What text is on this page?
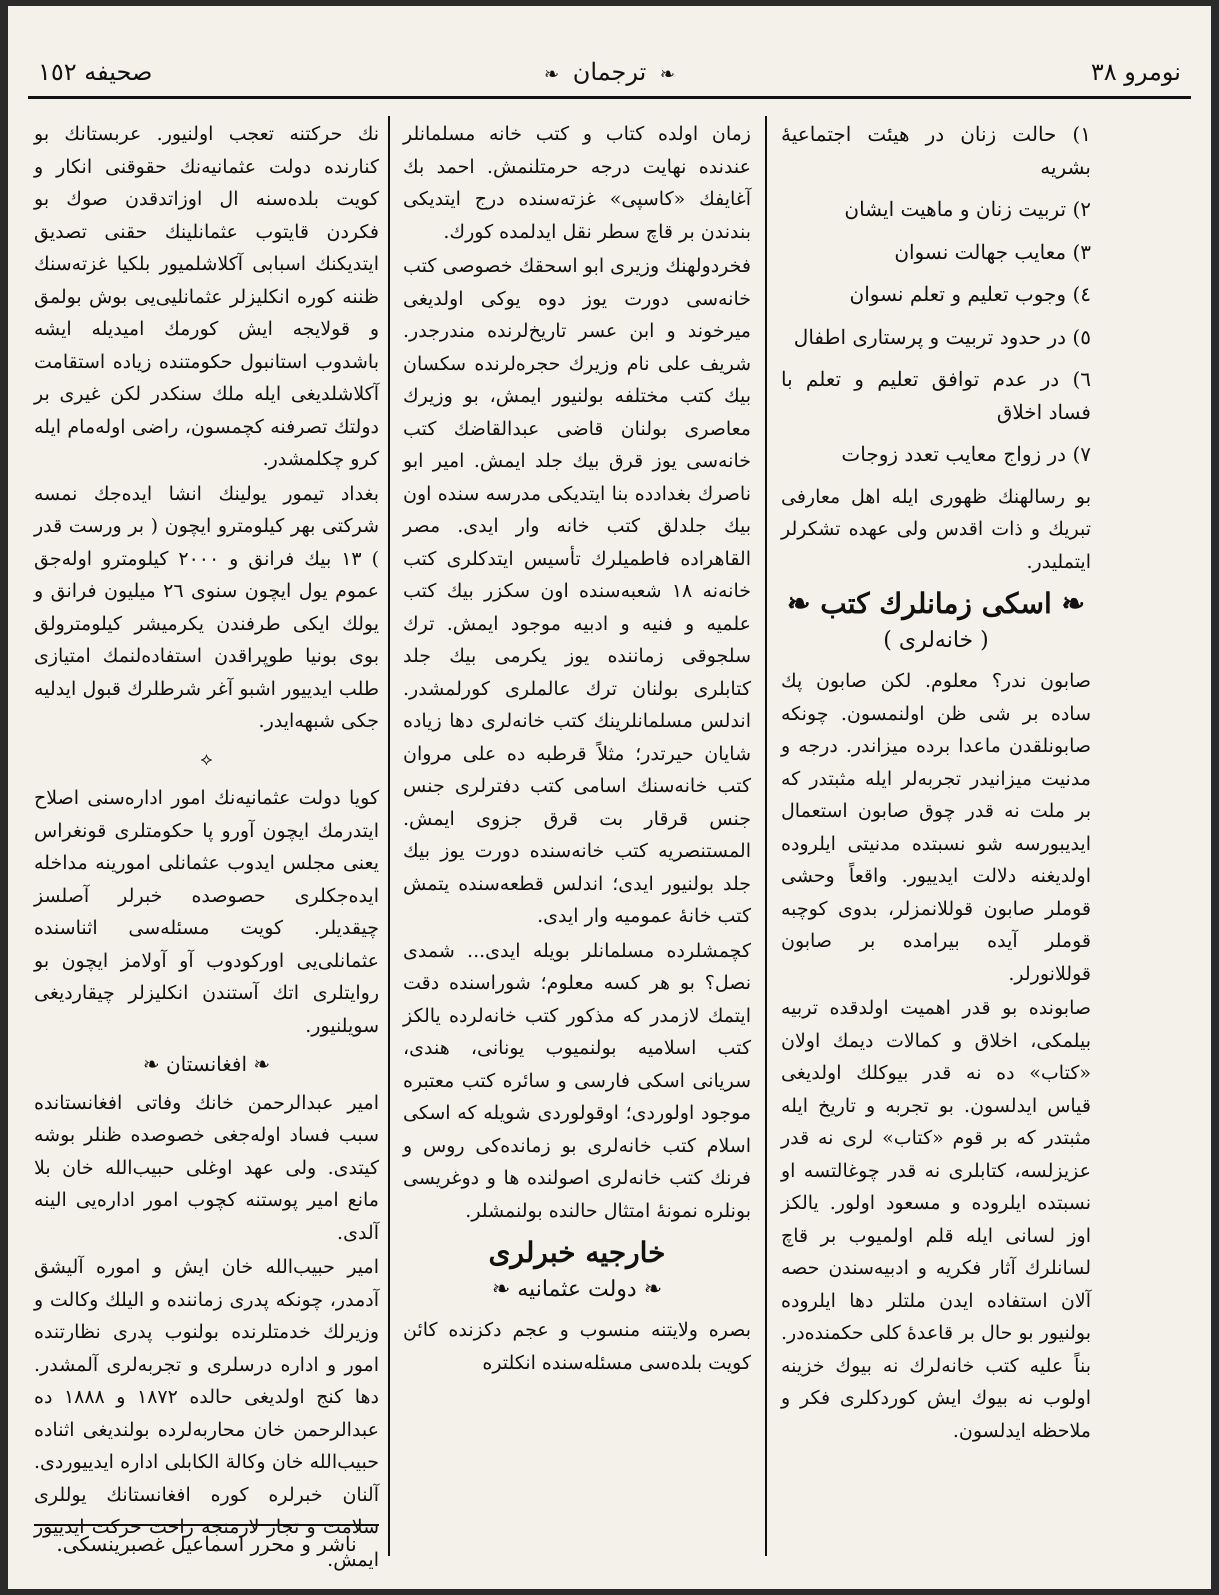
نومرو ٣٨
❧ ترجمان ❧
صحيفه ١٥٢
١) حالت زنان در هيئت اجتماعيهٔ بشريه
٢) تربيت زنان و ماهيت ايشان
٣) معايب جهالت نسوان
٤) وجوب تعليم و تعلم نسوان
٥) در حدود تربيت و پرستاری اطفال
٦) در عدم توافق تعليم و تعلم با فساد اخلاق
٧) در زواج معايب تعدد زوجات

بو رسالهنك ظهوری ايله اهل معارفی تبريك و ذات اقدس ولی عهده تشكرلر ايتمليدر.

❧ اسكی زمانلرك كتب ❧
( خانه‌لری )

صابون ندر؟ معلوم. لكن صابون پك ساده بر شی ظن اولنمسون. چونكه صابونلقدن ماعدا برده ميزاندر. درجه و مدنيت ميزانيدر تجربه‌لر ايله مثبتدر كه بر ملت نه قدر چوق صابون استعمال ايديبورسه شو نسبتده مدنيتی ايلروده اولديغنه دلالت ايدييور. واقعاً وحشی قوملر صابون قوللانمزلر، بدوی كوچبه قوملر آيده بيرامده بر صابون قوللانورلر.

صابونده بو قدر اهميت اولدقده تربيه بيلمكی، اخلاق و كمالات ديمك اولان «كتاب» ده نه قدر بيوكلك اولديغی قياس ايدلسون. بو تجربه و تاريخ ايله مثبتدر كه بر قوم «كتاب» لری نه قدر عزيزلسه، كتابلری نه قدر چوغالتسه او نسبتده ايلروده و مسعود اولور. يالكز اوز لسانی ايله قلم اولميوب بر قاچ لسانلرك آثار فكريه و ادبيه‌سندن حصه آلان استفاده ايدن ملتلر دها ايلروده بولنيور بو حال بر قاعدهٔ كلی حكمنده‌در. بناً عليه كتب خانه‌لرك نه بيوك خزينه اولوب نه بيوك ايش كوردكلری فكر و ملاحظه ايدلسون.

زمان اولده كتاب و كتب خانه مسلمانلر عندنده نهايت درجه حرمتلنمش. احمد بك آغايفك «كاسپی» غزته‌سنده درج ايتديكی بندندن بر قاچ سطر نقل ايدلمده كورك.

فخردولهنك وزيری ابو اسحقك خصوصی كتب خانه‌سی دورت يوز دوه يوكی اولديغی ميرخوند و ابن عسر تاريخ‌لرنده مندرجدر. شريف علی نام وزيرك حجره‌لرنده سكسان بيك كتب مختلفه بولنيور ايمش، بو وزيرك معاصری بولنان قاضی عبدالقاضك كتب خانه‌سی يوز قرق بيك جلد ايمش. امير ابو ناصرك بغدادده بنا ايتديكی مدرسه سنده اون بيك جلدلق كتب خانه وار ايدی. مصر القاهراده فاطميلرك تأسيس ايتدكلری كتب خانه‌نه ١٨ شعبه‌سنده اون سكزر بيك كتب علميه و فنيه و ادبيه موجود ايمش. ترك سلجوقی زماننده يوز يكرمی بيك جلد كتابلری بولنان ترك عالملری كورلمشدر. اندلس مسلمانلرينك كتب خانه‌لری دها زياده شايان حيرتدر؛ مثلاً قرطبه ده علی مروان كتب خانه‌سنك اسامی كتب دفترلری جنس جنس قرقار بت قرق جزوی ايمش. المستنصريه كتب خانه‌سنده دورت يوز بيك جلد بولنيور ايدی؛ اندلس قطعه‌سنده يتمش كتب خانهٔ عموميه وار ايدی.

كچمشلرده مسلمانلر بويله ايدی... شمدی نصل؟ بو هر كسه معلوم؛ شوراسنده دقت ايتمك لازمدر كه مذكور كتب خانه‌لرده يالكز كتب اسلاميه بولنميوب يونانی، هندی، سريانی اسكی فارسی و سائره كتب معتبره موجود اولوردی؛ اوقولوردی شويله كه اسكی اسلام كتب خانه‌لری بو زمانده‌كی روس و فرنك كتب خانه‌لری اصولنده ها و دوغريسی بونلره نمونهٔ امتثال حالنده بولنمشلر.

خارجيه خبرلری
❧ دولت عثمانيه ❧

بصره ولايتنه منسوب و عجم دكزنده كائن كويت بلده‌سی مسئله‌سنده انكلتره

نك حركتنه تعجب اولنيور. عربستانك بو كنارنده دولت عثمانيه‌نك حقوقنی انكار و كويت بلده‌سنه ال اوزاتدقدن صوك بو فكردن قايتوب عثمانلينك حقنی تصديق ايتديكنك اسبابی آكلاشلميور بلكيا غزته‌سنك ظننه كوره انكليزلر عثمانليی‌يی بوش بولمق و قولايجه ايش كورمك اميديله ايشه باشدوب استانبول حكومتنده زياده استقامت آكلاشلديغی ايله ملك سنكدر لكن غيری بر دولتك تصرفنه كچمسون، راضی اوله‌مام ايله كرو چكلمشدر.

بغداد تيمور يولينك انشا ايده‌جك نمسه شركتی بهر كيلومترو ايچون ( بر ورست قدر ) ١٣ بيك فرانق و ٢٠٠٠ كيلومترو اوله‌جق عموم يول ايچون سنوی ٢٦ ميليون فرانق و يولك ايكی طرفندن يكرميشر كيلومترولق بوی بونيا طوپراقدن استفاده‌لنمك امتيازی طلب ايدييور اشبو آغر شرطلرك قبول ايدليه جكی شبهه‌ايدر.

⟡

كويا دولت عثمانيه‌نك امور اداره‌سنی اصلاح ايتدرمك ايچون آورو پا حكومتلری قونغراس يعنی مجلس ايدوب عثمانلی امورينه مداخله ايده‌جكلری حصوصده خبرلر آصلسز چيقديلر. كويت مسئله‌سی اثناسنده عثمانلی‌يی اوركودوب آو آولامز ايچون بو روايتلری اتك آستندن انكليزلر چيقارديغی سويلنيور.

❧ افغانستان ❧

امير عبدالرحمن خانك وفاتی افغانستانده سبب فساد اوله‌جغی خصوصده ظنلر بوشه كيتدی. ولی عهد اوغلی حبيب‌الله خان بلا مانع امير پوستنه كچوب امور اداره‌يی الينه آلدی.

امير حبيب‌الله خان ايش و اموره آليشق آدمدر، چونكه پدری زماننده و اليلك وكالت و وزيرلك خدمتلرنده بولنوب پدری نظارتنده امور و اداره درسلری و تجربه‌لری آلمشدر. دها كنج اولديغی حالده ١٨٧٢ و ١٨٨٨ ده عبدالرحمن خان محاربه‌لرده بولنديغی اثناده حبيب‌الله خان وكالة الكابلی اداره ايدييوردی. آلنان خبرلره كوره افغانستانك يوللری سلامت و تجار لازمنجه راحت حركت ايدييور ايمش.

ناشر و محرر اسماعيل غصبرينسكی.
